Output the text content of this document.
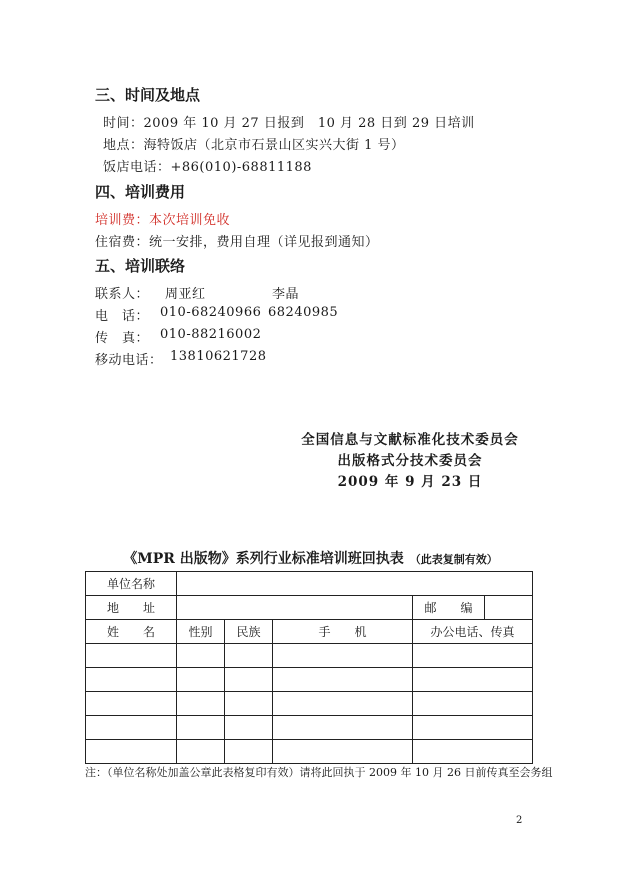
三、时间及地点
时间：2009 年 10 月 27 日报到　10 月 28 日到 29 日培训
地点：海特饭店（北京市石景山区实兴大街 1 号）
饭店电话：+86(010)-68811188
四、培训费用
培训费：本次培训免收
住宿费：统一安排，费用自理（详见报到通知）
五、培训联络
联系人： 周亚红	李晶
电　话： 010-68240966 68240985
传　真： 010-88216002
移动电话： 13810621728
全国信息与文献标准化技术委员会
出版格式分技术委员会
2009 年 9 月 23 日
《MPR 出版物》系列行业标准培训班回执表 （此表复制有效）
单位名称					
地　　址				邮　　编	
姓　　名	性别	民族	手　　机	办公电话、传真	

注：（单位名称处加盖公章此表格复印有效）请将此回执于 2009 年 10 月 26 日前传真至会务组
2
